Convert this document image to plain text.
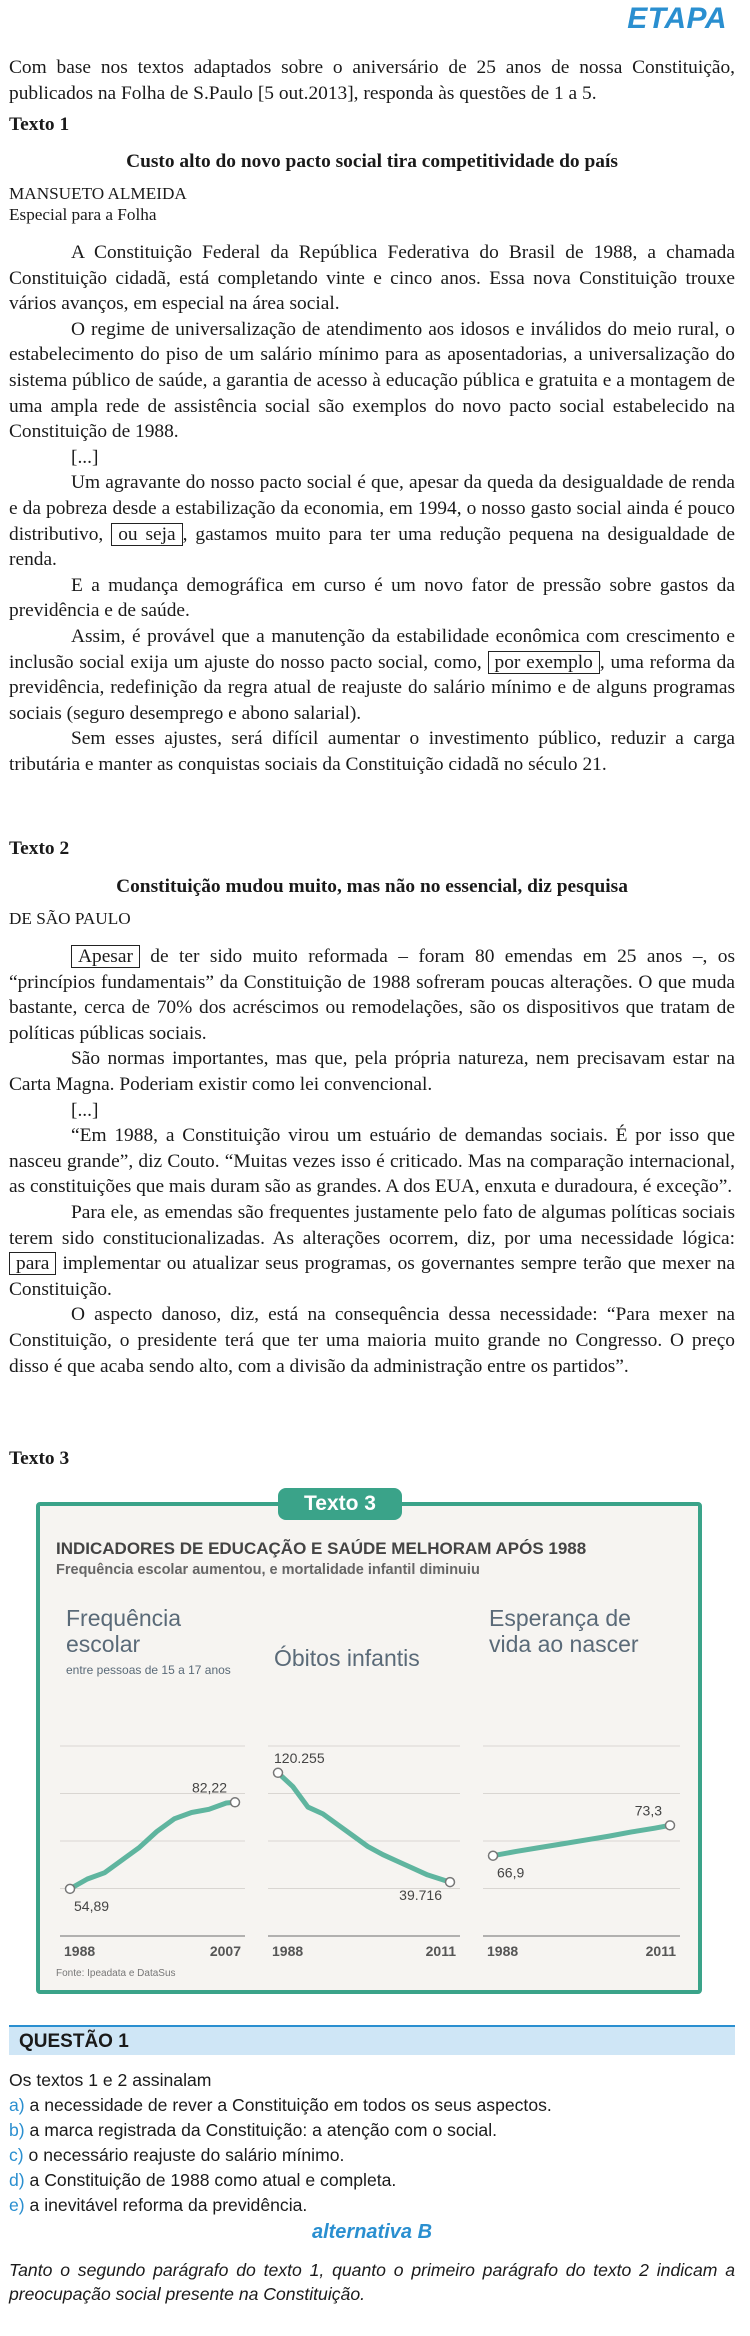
ETAPA

Com base nos textos adaptados sobre o aniversário de 25 anos de nossa Constituição, publicados na Folha de S.Paulo [5 out.2013], responda às questões de 1 a 5.

Texto 1
Custo alto do novo pacto social tira competitividade do país
MANSUETO ALMEIDA
Especial para a Folha

A Constituição Federal da República Federativa do Brasil de 1988, a chamada Constituição cidadã, está completando vinte e cinco anos. Essa nova Constituição trouxe vários avanços, em especial na área social.

O regime de universalização de atendimento aos idosos e inválidos do meio rural, o estabelecimento do piso de um salário mínimo para as aposentadorias, a universalização do sistema público de saúde, a garantia de acesso à educação pública e gratuita e a montagem de uma ampla rede de assistência social são exemplos do novo pacto social estabelecido na Constituição de 1988.

[...]

Um agravante do nosso pacto social é que, apesar da queda da desigualdade de renda e da pobreza desde a estabilização da economia, em 1994, o nosso gasto social ainda é pouco distributivo, ou seja , gastamos muito para ter uma redução pequena na desigualdade de renda.

E a mudança demográfica em curso é um novo fator de pressão sobre gastos da previdência e de saúde.

Assim, é provável que a manutenção da estabilidade econômica com crescimento e inclusão social exija um ajuste do nosso pacto social, como, por exemplo , uma reforma da previdência, redefinição da regra atual de reajuste do salário mínimo e de alguns programas sociais (seguro desemprego e abono salarial).

Sem esses ajustes, será difícil aumentar o investimento público, reduzir a carga tributária e manter as conquistas sociais da Constituição cidadã no século 21.

Texto 2
Constituição mudou muito, mas não no essencial, diz pesquisa
DE SÃO PAULO

Apesar de ter sido muito reformada – foram 80 emendas em 25 anos –, os “princípios fundamentais” da Constituição de 1988 sofreram poucas alterações. O que muda bastante, cerca de 70% dos acréscimos ou remodelações, são os dispositivos que tratam de políticas públicas sociais.

São normas importantes, mas que, pela própria natureza, nem precisavam estar na Carta Magna. Poderiam existir como lei convencional.

[...]

“Em 1988, a Constituição virou um estuário de demandas sociais. É por isso que nasceu grande”, diz Couto. “Muitas vezes isso é criticado. Mas na comparação internacional, as constituições que mais duram são as grandes. A dos EUA, enxuta e duradoura, é exceção”.

Para ele, as emendas são frequentes justamente pelo fato de algumas políticas sociais terem sido constitucionalizadas. As alterações ocorrem, diz, por uma necessidade lógica: para implementar ou atualizar seus programas, os governantes sempre terão que mexer na Constituição.

O aspecto danoso, diz, está na consequência dessa necessidade: “Para mexer na Constituição, o presidente terá que ter uma maioria muito grande no Congresso. O preço disso é que acaba sendo alto, com a divisão da administração entre os partidos”.

Texto 3
INDICADORES DE EDUCAÇÃO E SAÚDE MELHORAM APÓS 1988
Frequência escolar aumentou, e mortalidade infantil diminuiu
Frequência
escolar
entre pessoas de 15 a 17 anos
54,89
82,22
1988	2007
Óbitos infantis
120.255
39.716
1988	2011
Esperança de
vida ao nascer
66,9
73,3
1988	2011
Fonte: Ipeadata e DataSus
Texto 3
QUESTÃO 1
Os textos 1 e 2 assinalam
a) a necessidade de rever a Constituição em todos os seus aspectos.
b) a marca registrada da Constituição: a atenção com o social.
c) o necessário reajuste do salário mínimo.
d) a Constituição de 1988 como atual e completa.
e) a inevitável reforma da previdência.
alternativa B
Tanto o segundo parágrafo do texto 1, quanto o primeiro parágrafo do texto 2 indicam a preocupação social presente na Constituição.
